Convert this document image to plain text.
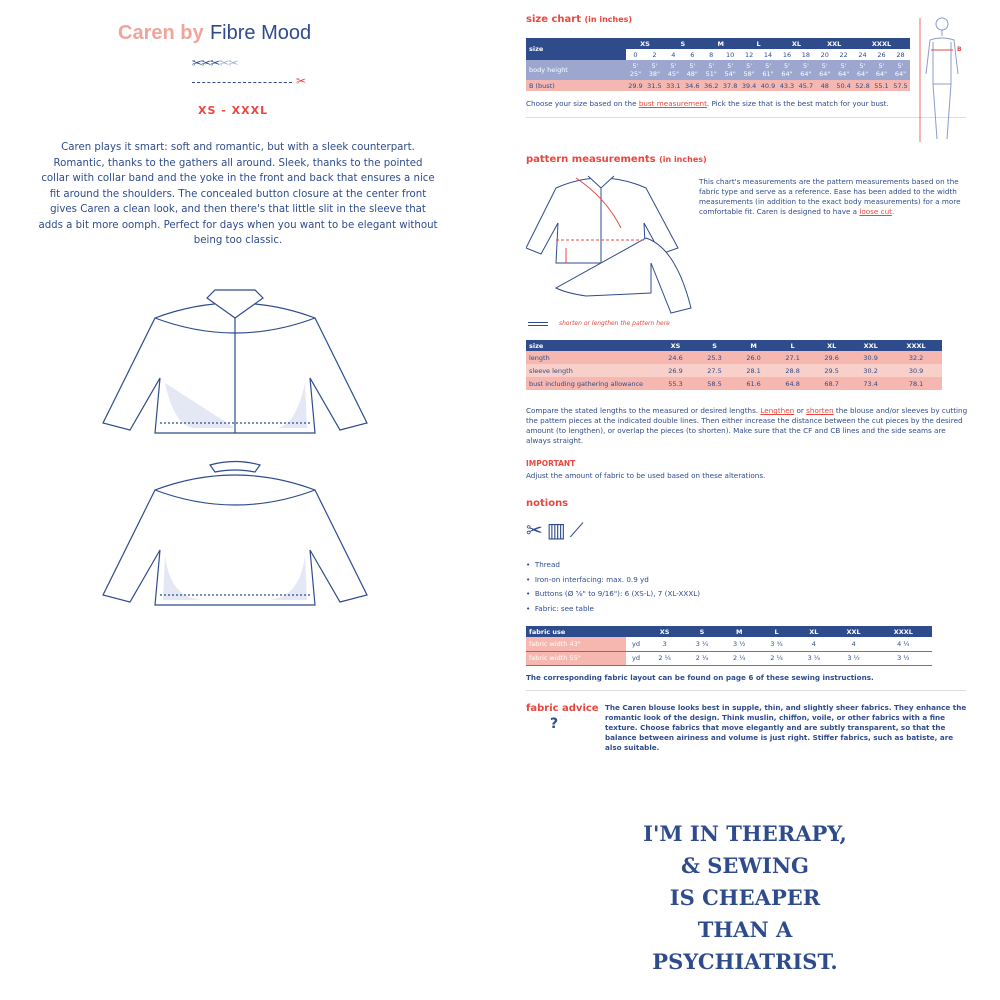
Caren by Fibre Mood
✂✂✂✂✂
✂
XS - XXXL
Caren plays it smart: soft and romantic, but with a sleek counterpart. Romantic, thanks to the gathers all around. Sleek, thanks to the pointed collar with collar band and the yoke in the front and back that ensures a nice fit around the shoulders. The concealed button closure at the center front gives Caren a clean look, and then there's that little slit in the sleeve that adds a bit more oomph. Perfect for days when you want to be elegant without being too classic.
size chart (in inches)
size	XS		S		M		L		XL		XXL		XXXL		
	0	2	4	6	8	10	12	14	16	18	20	22	24	26	28
body height	5' 25"	5' 38"	5' 45"	5' 48"	5' 51"	5' 54"	5' 58"	5' 61"	5' 64"	5' 64"	5' 64"	5' 64"	5' 64"	5' 64"	5' 64"
B (bust)	29.9	31.5	33.1	34.6	36.2	37.8	39.4	40.9	43.3	45.7	48	50.4	52.8	55.1	57.5
Choose your size based on the bust measurement. Pick the size that is the best match for your bust.
B
pattern measurements (in inches)
This chart's measurements are the pattern measurements based on the fabric type and serve as a reference. Ease has been added to the width measurements (in addition to the exact body measurements) for a more comfortable fit. Caren is designed to have a loose cut.
shorten or lengthen the pattern here
size	XS	S	M	L	XL	XXL	XXXL
length	24.6	25.3	26.0	27.1	29.6	30.9	32.2
sleeve length	26.9	27.5	28.1	28.8	29.5	30.2	30.9
bust including gathering allowance	55.3	58.5	61.6	64.8	68.7	73.4	78.1
Compare the stated lengths to the measured or desired lengths. Lengthen or shorten the blouse and/or sleeves by cutting the pattern pieces at the indicated double lines. Then either increase the distance between the cut pieces by the desired amount (to lengthen), or overlap the pieces (to shorten). Make sure that the CF and CB lines and the side seams are always straight.
IMPORTANT
Adjust the amount of fabric to be used based on these alterations.
notions
✂▥⟋
•  Thread
•  Iron-on interfacing: max. 0.9 yd
•  Buttons (Ø ⅝" to 9/16"): 6 (XS-L), 7 (XL-XXXL)
•  Fabric: see table
fabric use		XS	S	M	L	XL	XXL	XXXL
fabric width 43"	yd	3	3 ¼	3 ½	3 ¾	4	4	4 ¼
fabric width 55"	yd	2 ¼	2 ¼	2 ¼	2 ¼	3 ¼	3 ½	3 ½
The corresponding fabric layout can be found on page 6 of these sewing instructions.
fabric advice
?
The Caren blouse looks best in supple, thin, and slightly sheer fabrics. They enhance the romantic look of the design. Think muslin, chiffon, voile, or other fabrics with a fine texture. Choose fabrics that move elegantly and are subtly transparent, so that the balance between airiness and volume is just right. Stiffer fabrics, such as batiste, are also suitable.
I'M IN THERAPY,
& SEWING
IS CHEAPER
THAN A
PSYCHIATRIST.
